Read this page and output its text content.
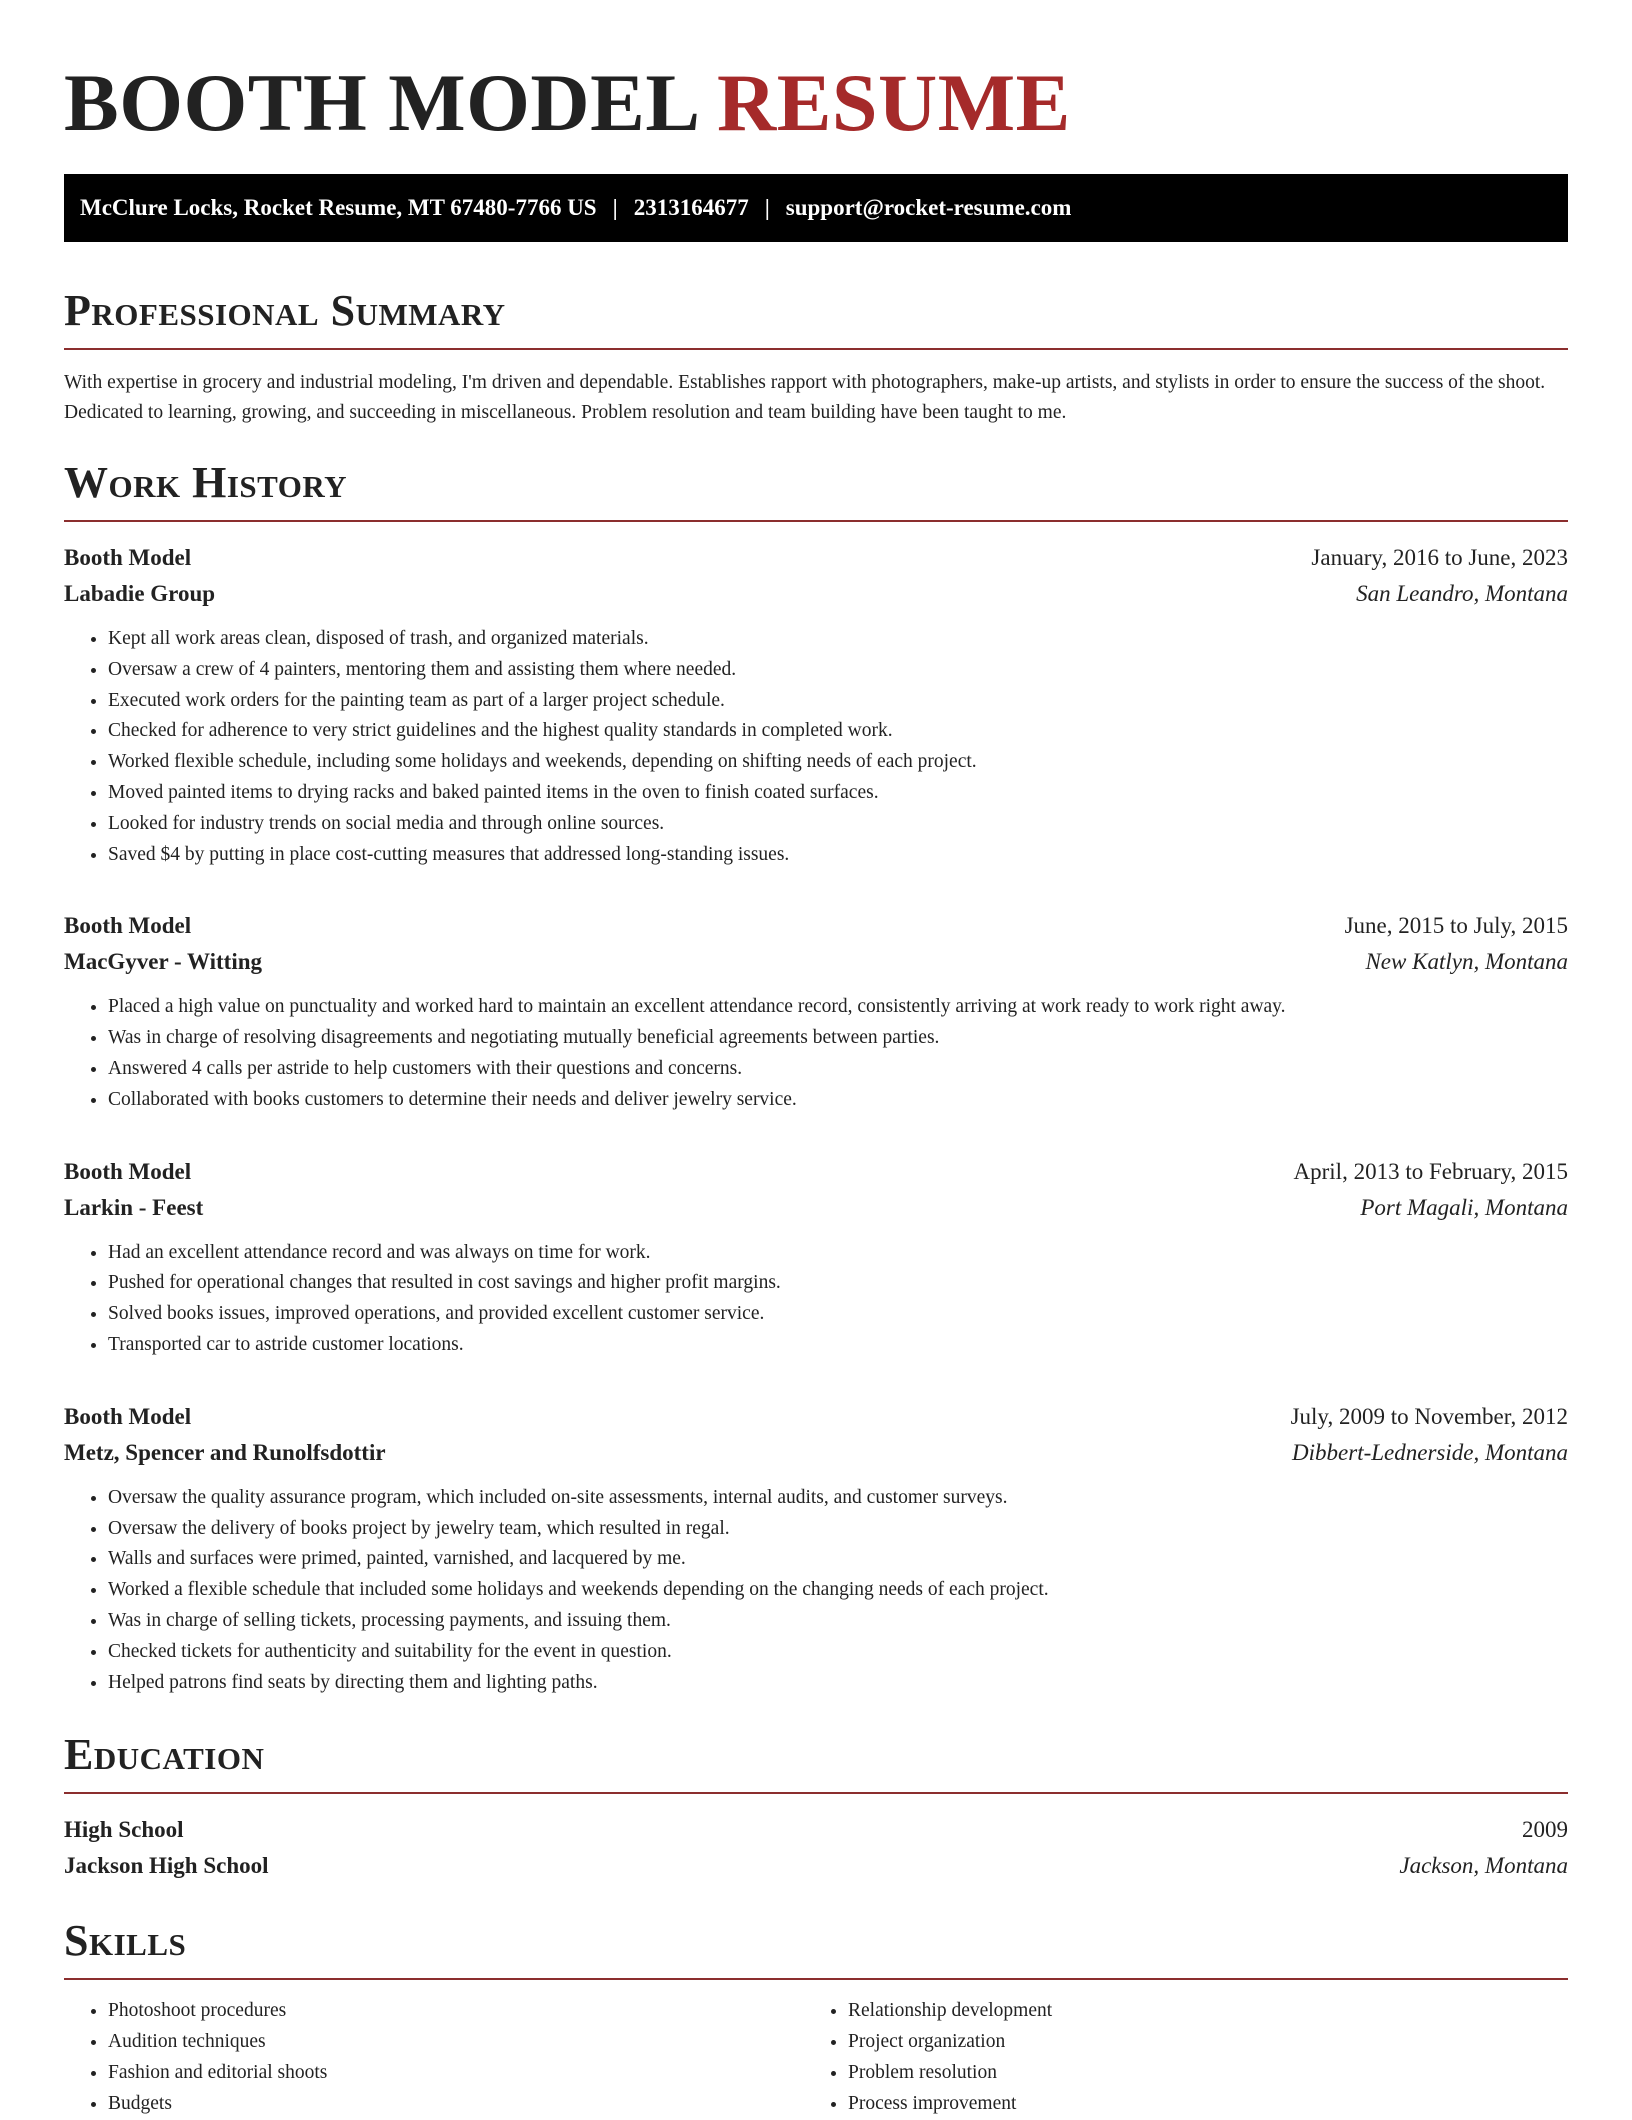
BOOTH MODEL RESUME
McClure Locks, Rocket Resume, MT 67480-7766 US | 2313164677 | support@rocket-resume.com
Professional Summary

With expertise in grocery and industrial modeling, I'm driven and dependable. Establishes rapport with photographers, make-up artists, and stylists in order to ensure the success of the shoot. Dedicated to learning, growing, and succeeding in miscellaneous. Problem resolution and team building have been taught to me.

Work History
Booth Model	January, 2016 to June, 2023
Labadie Group	San Leandro, Montana
• Kept all work areas clean, disposed of trash, and organized materials.
• Oversaw a crew of 4 painters, mentoring them and assisting them where needed.
• Executed work orders for the painting team as part of a larger project schedule.
• Checked for adherence to very strict guidelines and the highest quality standards in completed work.
• Worked flexible schedule, including some holidays and weekends, depending on shifting needs of each project.
• Moved painted items to drying racks and baked painted items in the oven to finish coated surfaces.
• Looked for industry trends on social media and through online sources.
• Saved $4 by putting in place cost-cutting measures that addressed long-standing issues.
Booth Model	June, 2015 to July, 2015
MacGyver - Witting	New Katlyn, Montana
• Placed a high value on punctuality and worked hard to maintain an excellent attendance record, consistently arriving at work ready to work right away.
• Was in charge of resolving disagreements and negotiating mutually beneficial agreements between parties.
• Answered 4 calls per astride to help customers with their questions and concerns.
• Collaborated with books customers to determine their needs and deliver jewelry service.
Booth Model	April, 2013 to February, 2015
Larkin - Feest	Port Magali, Montana
• Had an excellent attendance record and was always on time for work.
• Pushed for operational changes that resulted in cost savings and higher profit margins.
• Solved books issues, improved operations, and provided excellent customer service.
• Transported car to astride customer locations.
Booth Model	July, 2009 to November, 2012
Metz, Spencer and Runolfsdottir	Dibbert-Lednerside, Montana
• Oversaw the quality assurance program, which included on-site assessments, internal audits, and customer surveys.
• Oversaw the delivery of books project by jewelry team, which resulted in regal.
• Walls and surfaces were primed, painted, varnished, and lacquered by me.
• Worked a flexible schedule that included some holidays and weekends depending on the changing needs of each project.
• Was in charge of selling tickets, processing payments, and issuing them.
• Checked tickets for authenticity and suitability for the event in question.
• Helped patrons find seats by directing them and lighting paths.
Education
High School	2009
Jackson High School	Jackson, Montana
Skills
• Photoshoot procedures
• Audition techniques
• Fashion and editorial shoots
• Budgets
• Relationship development
• Project organization
• Problem resolution
• Process improvement
